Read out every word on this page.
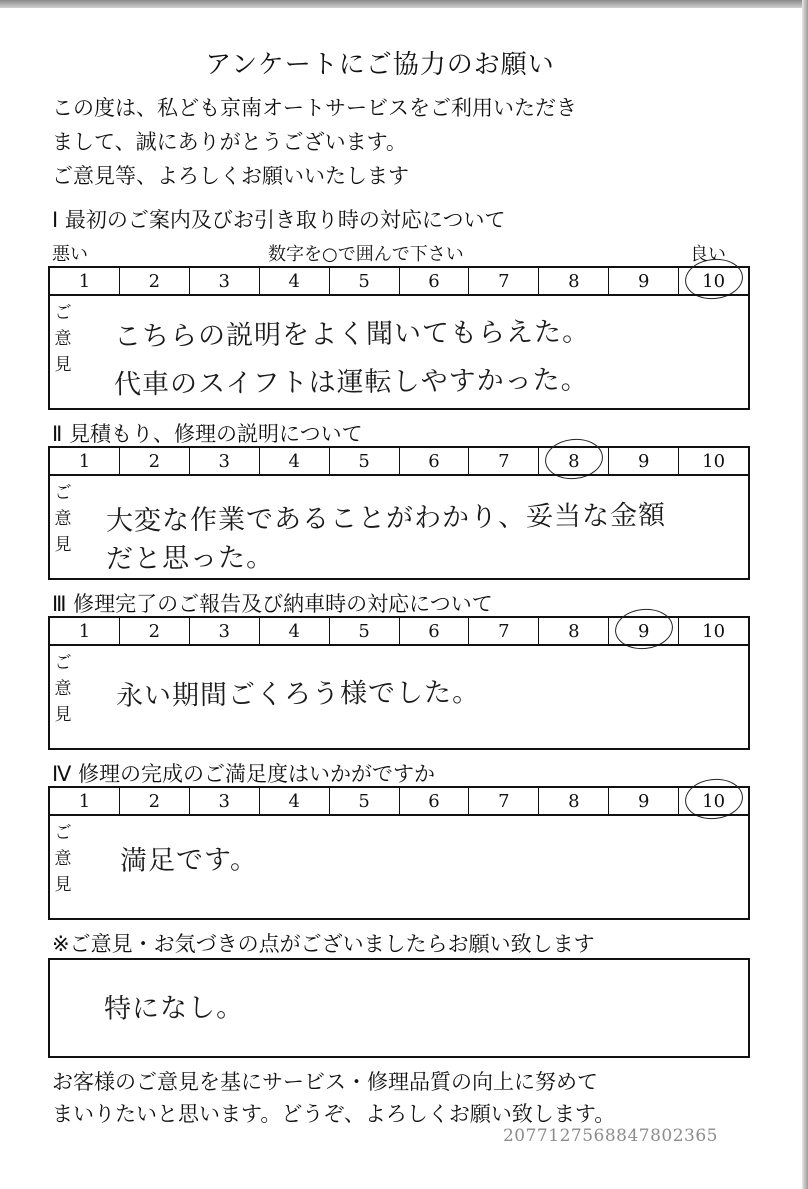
アンケートにご協力のお願い
この度は、私ども京南オートサービスをご利用いただき
まして、誠にありがとうございます。
ご意見等、よろしくお願いいたします
Ⅰ 最初のご案内及びお引き取り時の対応について
悪い	数字を○で囲んで下さい	良い
1	2	3	4	5	6	7	8	9	10
ご
意
見
こちらの説明をよく聞いてもらえた。
代車のスイフトは運転しやすかった。
Ⅱ 見積もり、修理の説明について
1	2	3	4	5	6	7	8	9	10
ご
意
見
大変な作業であることがわかり、妥当な金額
だと思った。
Ⅲ 修理完了のご報告及び納車時の対応について
1	2	3	4	5	6	7	8	9	10
ご
意
見
永い期間ごくろう様でした。
Ⅳ 修理の完成のご満足度はいかがですか
1	2	3	4	5	6	7	8	9	10
ご
意
見
満足です。
※ご意見・お気づきの点がございましたらお願い致します
特になし。
お客様のご意見を基にサービス・修理品質の向上に努めて
まいりたいと思います。どうぞ、よろしくお願い致します。
20771275688478023​65
